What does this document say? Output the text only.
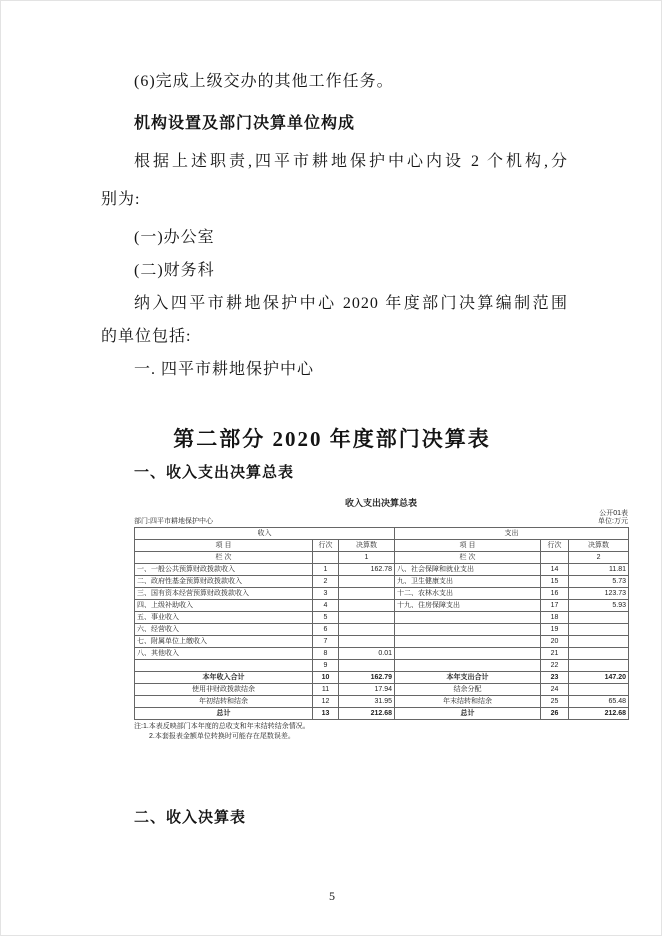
(6)完成上级交办的其他工作任务。
机构设置及部门决算单位构成
根据上述职责,四平市耕地保护中心内设 2 个机构,分
别为:
(一)办公室
(二)财务科
纳入四平市耕地保护中心 2020 年度部门决算编制范围
的单位包括:
一. 四平市耕地保护中心
第二部分 2020 年度部门决算表
一、收入支出决算总表
收入支出决算总表
部门:四平市耕地保护中心
公开01表
单位:万元
收入			支出		
项 目	行次	决算数	项 目	行次	决算数
栏 次		1	栏 次		2
一、一般公共预算财政拨款收入	1	162.78	八、社会保障和就业支出	14	11.81
二、政府性基金预算财政拨款收入	2		九、卫生健康支出	15	5.73
三、国有资本经营预算财政拨款收入	3		十二、农林水支出	16	123.73
四、上级补助收入	4		十九、住房保障支出	17	5.93
五、事业收入	5			18	
六、经营收入	6			19	
七、附属单位上缴收入	7			20	
八、其他收入	8	0.01		21	
	9			22	
本年收入合计	10	162.79	本年支出合计	23	147.20
使用非财政拨款结余	11	17.94	结余分配	24	
年初结转和结余	12	31.95	年末结转和结余	25	65.48
总计	13	212.68	总计	26	212.68
注:1.本表反映部门本年度的总收支和年末结转结余情况。
2.本套报表金额单位转换时可能存在尾数误差。
二、收入决算表
5
